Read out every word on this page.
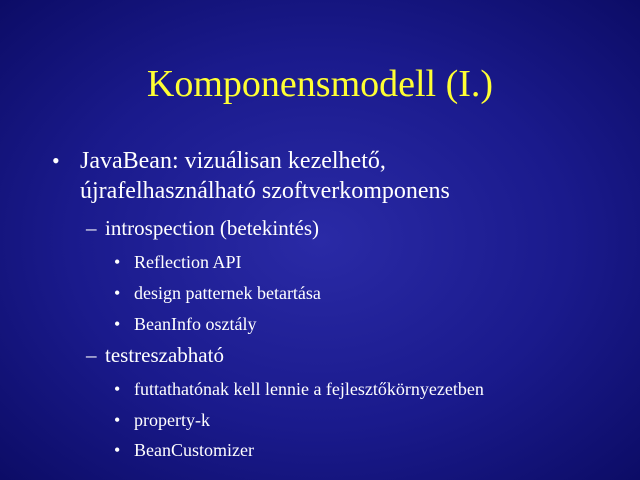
Komponensmodell (I.)
• JavaBean: vizuálisan kezelhető,
újrafelhasználható szoftverkomponens
– introspection (betekintés)
• Reflection API
• design patternek betartása
• BeanInfo osztály
– testreszabható
• futtathatónak kell lennie a fejlesztőkörnyezetben
• property-k
• BeanCustomizer
